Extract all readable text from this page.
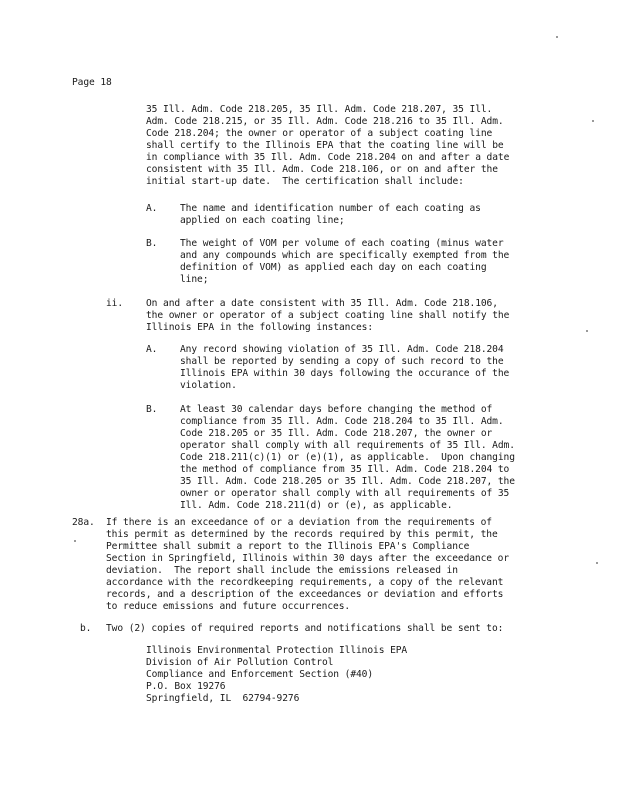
Page 18
35 Ill. Adm. Code 218.205, 35 Ill. Adm. Code 218.207, 35 Ill.
Adm. Code 218.215, or 35 Ill. Adm. Code 218.216 to 35 Ill. Adm.
Code 218.204; the owner or operator of a subject coating line
shall certify to the Illinois EPA that the coating line will be
in compliance with 35 Ill. Adm. Code 218.204 on and after a date
consistent with 35 Ill. Adm. Code 218.106, or on and after the
initial start-up date.  The certification shall include:
A. The name and identification number of each coating as
applied on each coating line;
B. The weight of VOM per volume of each coating (minus water
and any compounds which are specifically exempted from the
definition of VOM) as applied each day on each coating
line;
ii. On and after a date consistent with 35 Ill. Adm. Code 218.106,
the owner or operator of a subject coating line shall notify the
Illinois EPA in the following instances:
A. Any record showing violation of 35 Ill. Adm. Code 218.204
shall be reported by sending a copy of such record to the
Illinois EPA within 30 days following the occurance of the
violation.
B. At least 30 calendar days before changing the method of
compliance from 35 Ill. Adm. Code 218.204 to 35 Ill. Adm.
Code 218.205 or 35 Ill. Adm. Code 218.207, the owner or
operator shall comply with all requirements of 35 Ill. Adm.
Code 218.211(c)(1) or (e)(1), as applicable.  Upon changing
the method of compliance from 35 Ill. Adm. Code 218.204 to
35 Ill. Adm. Code 218.205 or 35 Ill. Adm. Code 218.207, the
owner or operator shall comply with all requirements of 35
Ill. Adm. Code 218.211(d) or (e), as applicable.
28a. If there is an exceedance of or a deviation from the requirements of
this permit as determined by the records required by this permit, the
Permittee shall submit a report to the Illinois EPA's Compliance
Section in Springfield, Illinois within 30 days after the exceedance or
deviation.  The report shall include the emissions released in
accordance with the recordkeeping requirements, a copy of the relevant
records, and a description of the exceedances or deviation and efforts
to reduce emissions and future occurrences.
b. Two (2) copies of required reports and notifications shall be sent to:
Illinois Environmental Protection Illinois EPA
Division of Air Pollution Control
Compliance and Enforcement Section (#40)
P.O. Box 19276
Springfield, IL  62794-9276
